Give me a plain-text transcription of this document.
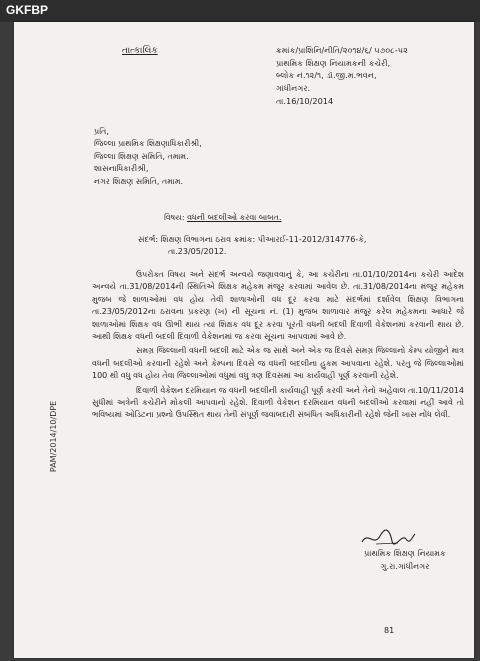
GKFBP
તાત્કાલિક	ક્રમાંક/પ્રાશિનિ/નીતિ/૨૦૧૪/૬/ ૫૭૦૮-૫૨
પ્રાથમિક શિક્ષણ નિયામકની કચેરી,
બ્લોક નં.૧૨/૧, ડૉ.જી.મ.ભવન,
ગાંધીનગર.
તા.16/10/2014
પ્રતિ,
જિલ્લા પ્રાથમિક શિક્ષણાધિકારીશ્રી,
જિલ્લા શિક્ષણ સમિતિ, તમામ.
શાસનાધિકારીશ્રી,
નગર શિક્ષણ સમિતિ, તમામ.
વિષય: વધની બદલીઓ કરવા બાબત.
સંદર્ભ: શિક્ષણ વિભાગના ઠરાવ ક્રમાંક: પીઆરઈ-11-2012/314776-કે,
તા.23/05/2012.

ઉપરોક્ત વિષય અને સંદર્ભ અન્વયે જણાવવાનું કે, આ કચેરીના તા.01/10/2014ના કચેરી આદેશ અન્વયે તા.31/08/2014ની સ્થિતિએ શિક્ષક મહેકમ મંજૂર કરવામાં આવેલ છે. તા.31/08/2014ના મંજૂર મહેકમ મુજબ જે શાળાઓમાં વધ હોય તેવી શાળાઓની વધ દૂર કરવા માટે સંદર્ભમાં દર્શાવેલ શિક્ષણ વિભાગના તા.23/05/2012ના ઠરાવના પ્રકરણ (ખ) ની સૂચના નં. (1) મુજબ શાળાવાર મંજૂર કરેલ મહેકમના આધારે જે શાળાઓમાં શિક્ષક વધ ઊભી થાય ત્યાં શિક્ષક વધ દૂર કરવા પૂરતી વધની બદલી દિવાળી વેકેશનમાં કરવાની થાય છે. આથી શિક્ષક વધની બદલી દિવાળી વેકેશનમાં જ કરવા સૂચના આપવામાં આવે છે.

સમગ્ર જિલ્લાની વધની બદલી માટે એક જ સાથે અને એક જ દિવસે સમગ્ર જિલ્લાનો કેમ્પ યોજીને માત્ર વધની બદલીઓ કરવાની રહેશે અને કેમ્પના દિવસે જ વધની બદલીના હુકમ આપવાના રહેશે. પરંતુ જે જિલ્લાઓમાં 100 થી વધુ વધ હોય તેવા જિલ્લાઓમાં વધુમાં વધુ ત્રણ દિવસમાં આ કાર્યવાહી પૂર્ણ કરવાની રહેશે.

દિવાળી વેકેશન દરમિયાન જ વધની બદલીની કાર્યવાહી પૂર્ણ કરવી અને તેનો અહેવાલ તા.10/11/2014 સુધીમાં અત્રેની કચેરીને મોકલી આપવાનો રહેશે. દિવાળી વેકેશન દરમિયાન વધની બદલીઓ કરવામાં નહીં આવે તો ભવિષ્યમાં ઓડિટના પ્રશ્નો ઉપસ્થિત થાય તેની સંપૂર્ણ જવાબદારી સંબંધિત અધિકારીની રહેશે જેની ખાસ નોંધ લેવી.

PAM/2014/10/DPE
પ્રાથમિક શિક્ષણ નિયામક
ગુ.રા.ગાંધીનગર
81
